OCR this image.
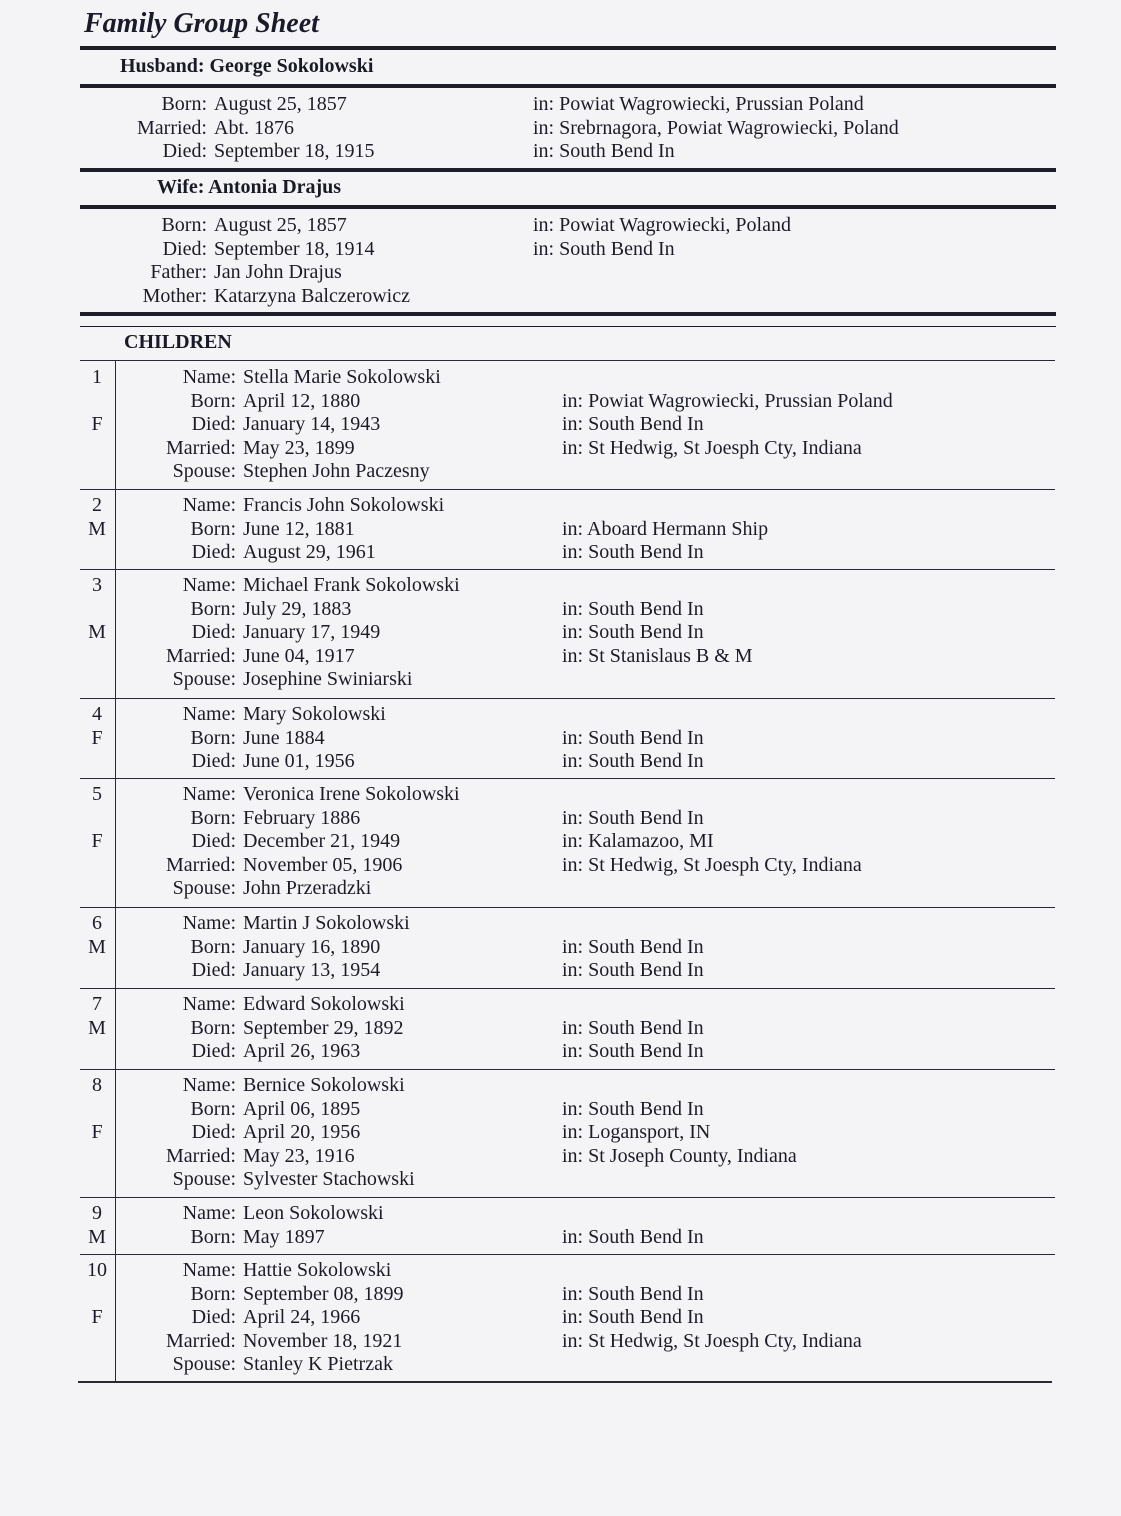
Family Group Sheet
Husband: George Sokolowski
Born: August 25, 1857	in: Powiat Wagrowiecki, Prussian Poland
Married: Abt. 1876	in: Srebrnagora, Powiat Wagrowiecki, Poland
Died: September 18, 1915	in: South Bend In
Wife: Antonia Drajus
Born: August 25, 1857	in: Powiat Wagrowiecki, Poland
Died: September 18, 1914	in: South Bend In
Father: Jan John Drajus
Mother: Katarzyna Balczerowicz
CHILDREN
1
F
Name: Stella Marie Sokolowski
Born: April 12, 1880	in: Powiat Wagrowiecki, Prussian Poland
Died: January 14, 1943	in: South Bend In
Married: May 23, 1899	in: St Hedwig, St Joesph Cty, Indiana
Spouse: Stephen John Paczesny
2
M
Name: Francis John Sokolowski
Born: June 12, 1881	in: Aboard Hermann Ship
Died: August 29, 1961	in: South Bend In
3
M
Name: Michael Frank Sokolowski
Born: July 29, 1883	in: South Bend In
Died: January 17, 1949	in: South Bend In
Married: June 04, 1917	in: St Stanislaus B & M
Spouse: Josephine Swiniarski
4
F
Name: Mary Sokolowski
Born: June 1884	in: South Bend In
Died: June 01, 1956	in: South Bend In
5
F
Name: Veronica Irene Sokolowski
Born: February 1886	in: South Bend In
Died: December 21, 1949	in: Kalamazoo, MI
Married: November 05, 1906	in: St Hedwig, St Joesph Cty, Indiana
Spouse: John Przeradzki
6
M
Name: Martin J Sokolowski
Born: January 16, 1890	in: South Bend In
Died: January 13, 1954	in: South Bend In
7
M
Name: Edward Sokolowski
Born: September 29, 1892	in: South Bend In
Died: April 26, 1963	in: South Bend In
8
F
Name: Bernice Sokolowski
Born: April 06, 1895	in: South Bend In
Died: April 20, 1956	in: Logansport, IN
Married: May 23, 1916	in: St Joseph County, Indiana
Spouse: Sylvester Stachowski
9
M
Name: Leon Sokolowski
Born: May 1897	in: South Bend In
10
F
Name: Hattie Sokolowski
Born: September 08, 1899	in: South Bend In
Died: April 24, 1966	in: South Bend In
Married: November 18, 1921	in: St Hedwig, St Joesph Cty, Indiana
Spouse: Stanley K Pietrzak
